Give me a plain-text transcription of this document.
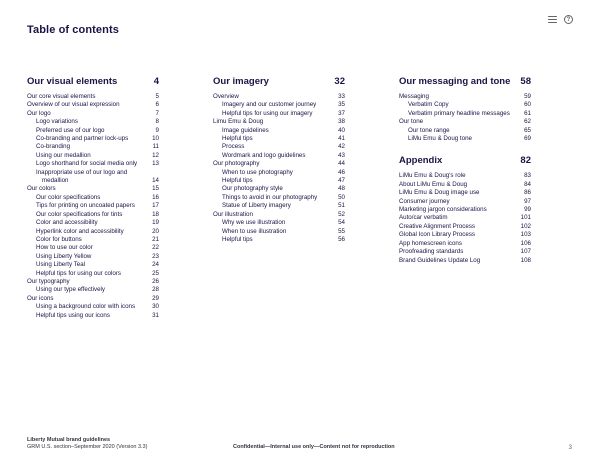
Table of contents
?
Our visual elements	4
Our core visual elements	5
Overview of our visual expression	6
Our logo	7
Logo variations	8
Preferred use of our logo	9
Co-branding and partner lock-ups	10
Co-branding	11
Using our medallion	12
Logo shorthand for social media only	13
Inappropriate use of our logo and medallion	14
Our colors	15
Our color specifications	16
Tips for printing on uncoated papers	17
Our color specifications for tints	18
Color and accessibility	19
Hyperlink color and accessibility	20
Color for buttons	21
How to use our color	22
Using Liberty Yellow	23
Using Liberty Teal	24
Helpful tips for using our colors	25
Our typography	26
Using our type effectively	28
Our icons	29
Using a background color with icons	30
Helpful tips using our icons	31
Our imagery	32
Overview	33
Imagery and our customer journey	35
Helpful tips for using our imagery	37
Limu Emu & Doug	38
Image guidelines	40
Helpful tips	41
Process	42
Wordmark and logo guidelines	43
Our photography	44
When to use photography	46
Helpful tips	47
Our photography style	48
Things to avoid in our photography	50
Statue of Liberty imagery	51
Our illustration	52
Why we use illustration	54
When to use illustration	55
Helpful tips	56
Our messaging and tone 58
Messaging	59
Verbatim Copy	60
Verbatim primary headline messages	61
Our tone	62
Our tone range	65
LiMu Emu & Doug tone	69
Appendix	82
LiMu Emu & Doug's role	83
About LiMu Emu & Doug	84
LiMu Emu & Doug image use	86
Consumer journey	97
Marketing jargon considerations	99
Auto/car verbatim	101
Creative Alignment Process	102
Global Icon Library Process	103
App homescreen icons	106
Proofreading standards	107
Brand Guidelines Update Log	108
Liberty Mutual brand guidelines
GRM U.S. section–September 2020 (Version 3.3)	Confidential—Internal use only—Content not for reproduction	3
